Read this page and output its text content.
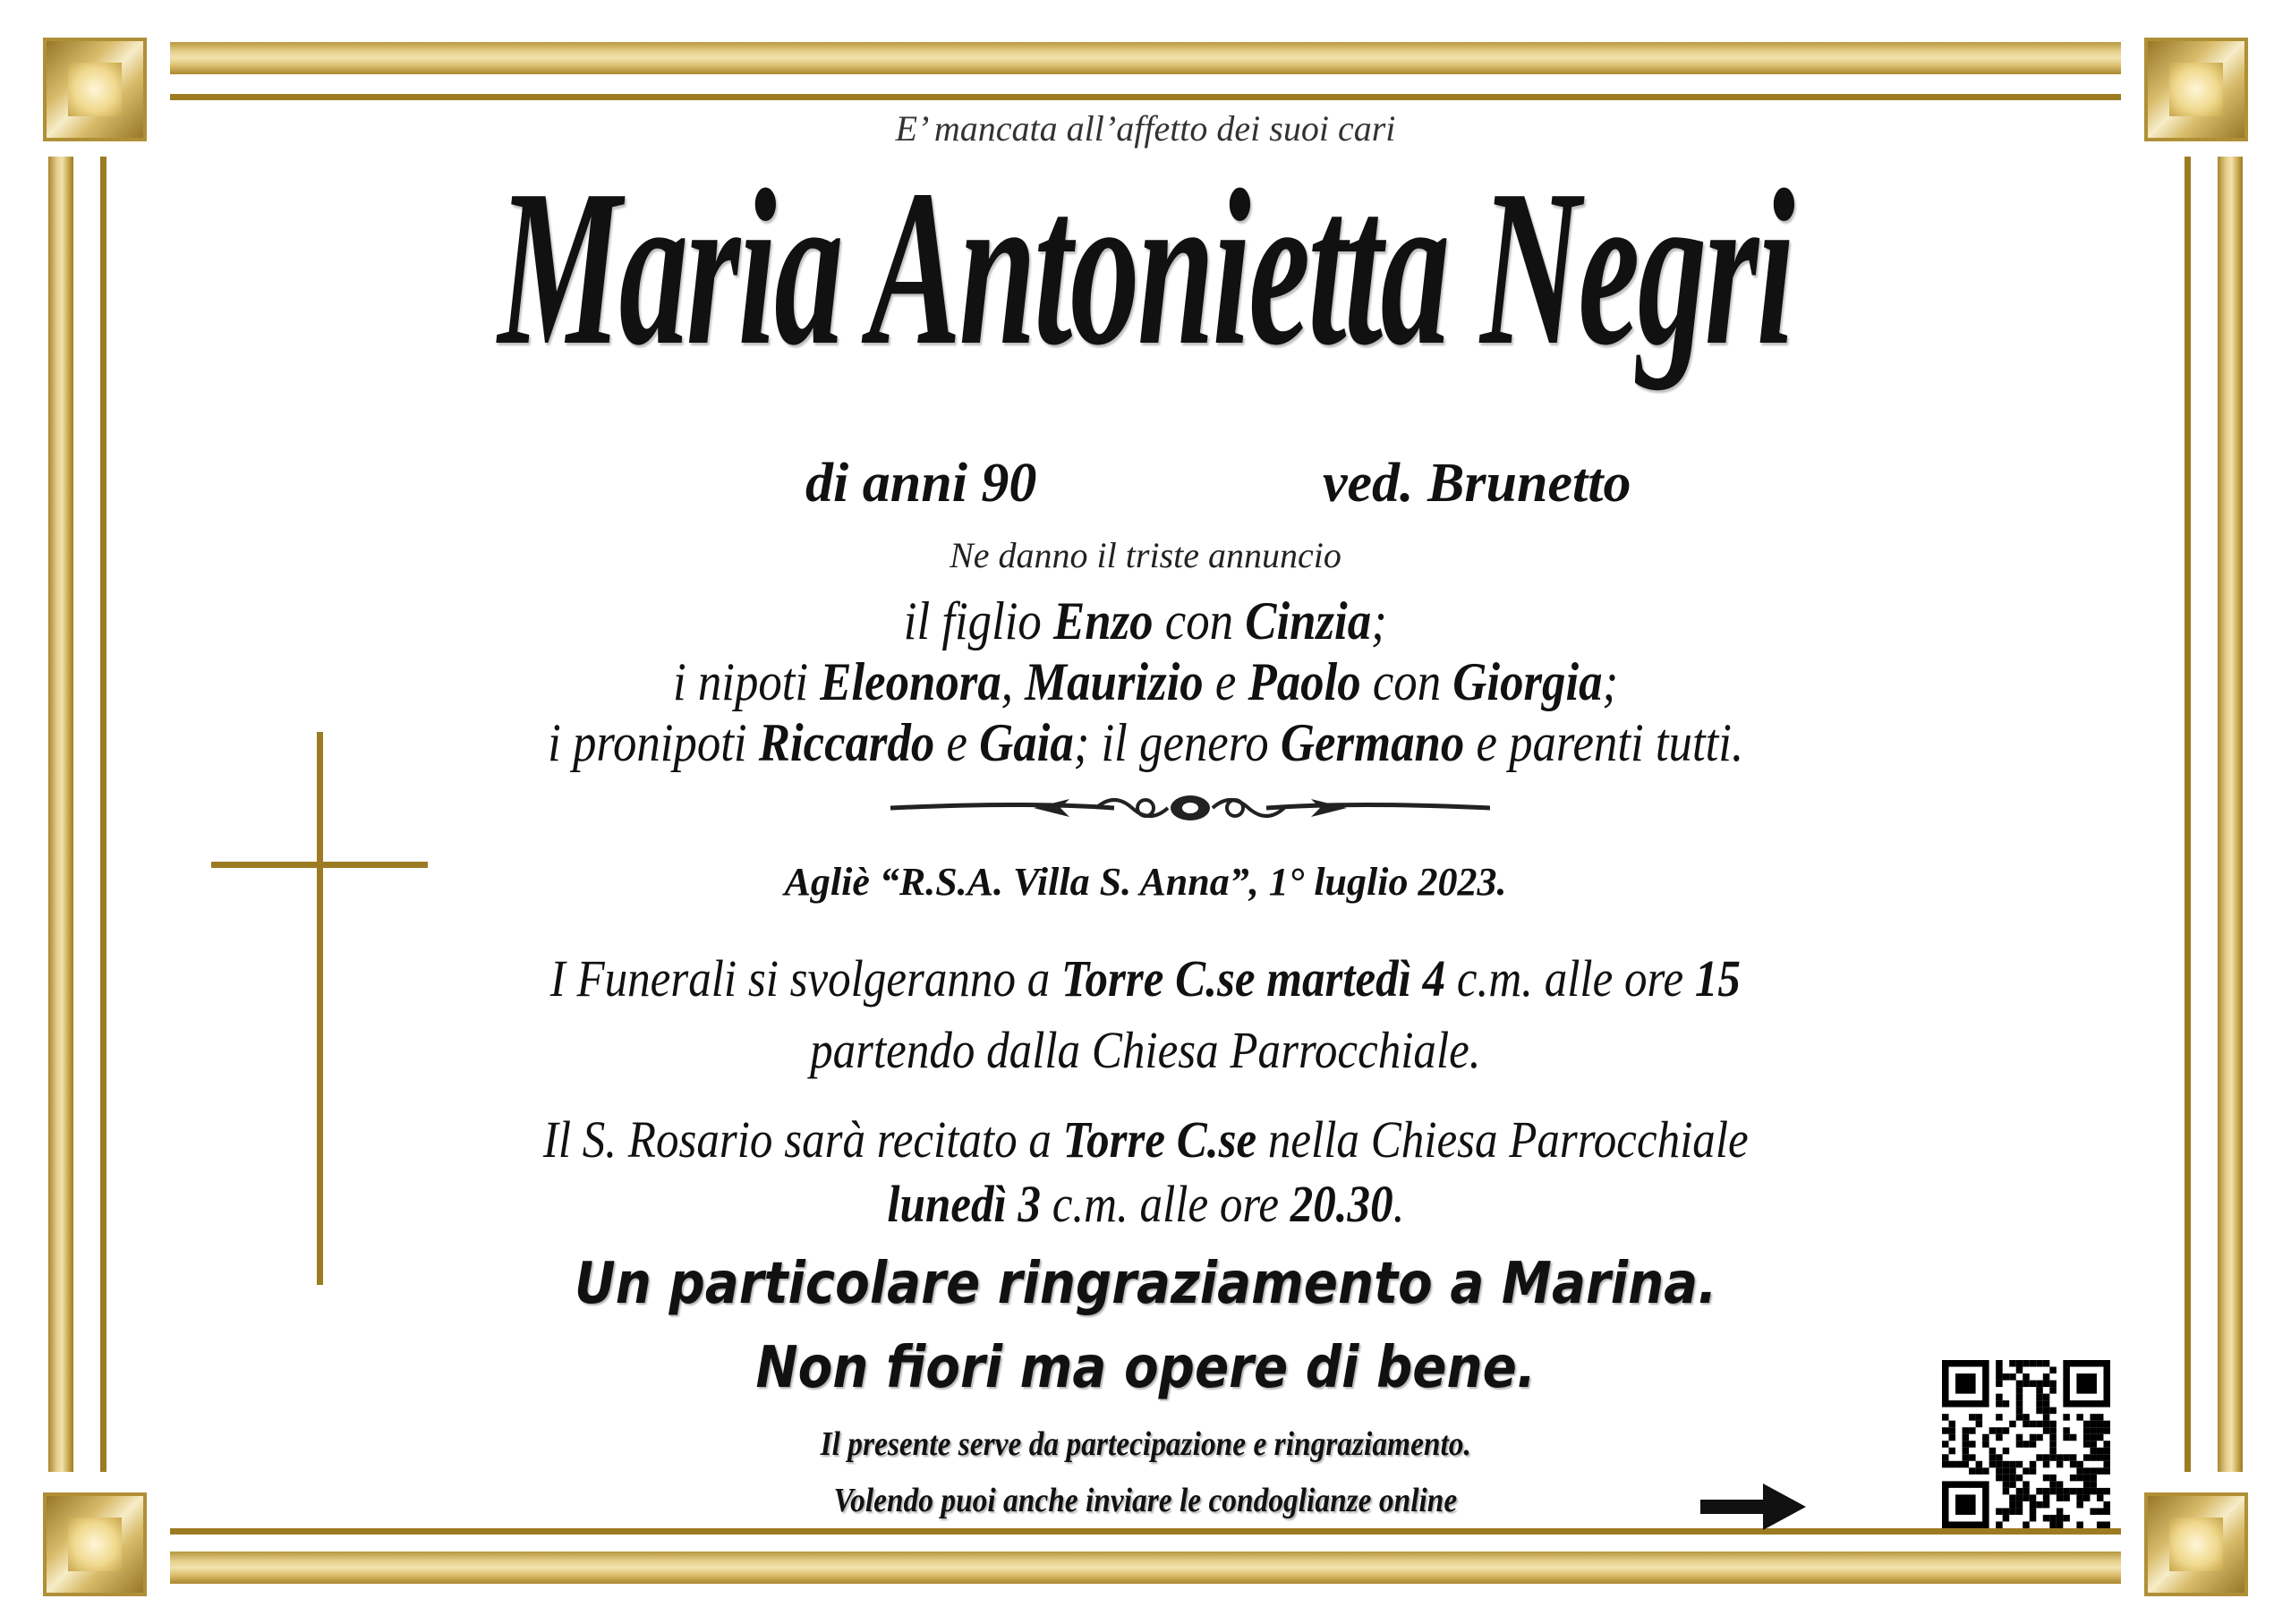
E’ mancata all’affetto dei suoi cari
Maria Antonietta Negri
di anni 90	ved. Brunetto
Ne danno il triste annuncio
il figlio Enzo con Cinzia;
i nipoti Eleonora, Maurizio e Paolo con Giorgia;
i pronipoti Riccardo e Gaia; il genero Germano e parenti tutti.
Agliè “R.S.A. Villa S. Anna”, 1° luglio 2023.
I Funerali si svolgeranno a Torre C.se martedì 4 c.m. alle ore 15
partendo dalla Chiesa Parrocchiale.
Il S. Rosario sarà recitato a Torre C.se nella Chiesa Parrocchiale
lunedì 3 c.m. alle ore 20.30.
Un particolare ringraziamento a Marina.
Non fiori ma opere di bene.
Il presente serve da partecipazione e ringraziamento.
Volendo puoi anche inviare le condoglianze online
